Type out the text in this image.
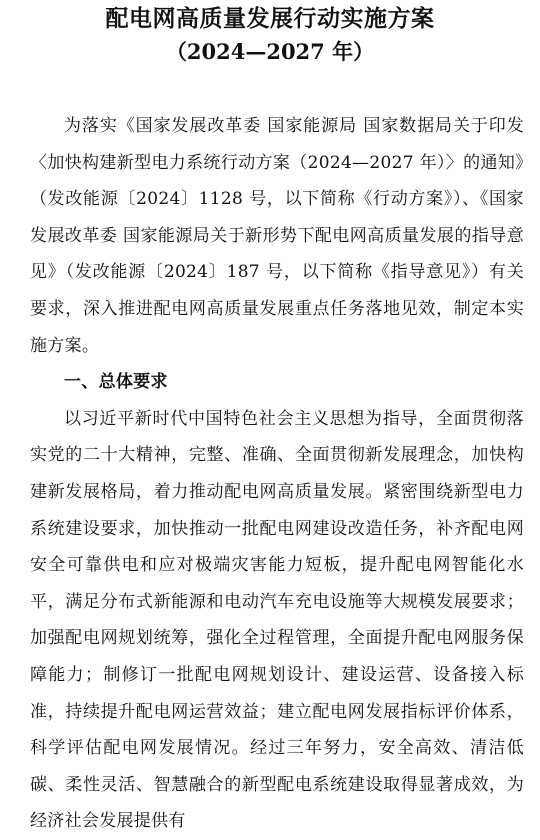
配电网高质量发展行动实施方案
（2024—2027 年）

为落实《国家发展改革委 国家能源局 国家数据局关于印发〈加快构建新型电力系统行动方案（2024—2027 年）〉的通知》（发改能源〔2024〕1128 号，以下简称《行动方案》）、《国家发展改革委 国家能源局关于新形势下配电网高质量发展的指导意见》（发改能源〔2024〕187 号，以下简称《指导意见》）有关要求，深入推进配电网高质量发展重点任务落地见效，制定本实施方案。

一、总体要求

以习近平新时代中国特色社会主义思想为指导，全面贯彻落实党的二十大精神，完整、准确、全面贯彻新发展理念，加快构建新发展格局，着力推动配电网高质量发展。紧密围绕新型电力系统建设要求，加快推动一批配电网建设改造任务，补齐配电网安全可靠供电和应对极端灾害能力短板，提升配电网智能化水平，满足分布式新能源和电动汽车充电设施等大规模发展要求；加强配电网规划统筹，强化全过程管理，全面提升配电网服务保障能力；制修订一批配电网规划设计、建设运营、设备接入标准，持续提升配电网运营效益；建立配电网发展指标评价体系，科学评估配电网发展情况。经过三年努力，安全高效、清洁低碳、柔性灵活、智慧融合的新型配电系统建设取得显著成效，为经济社会发展提供有
